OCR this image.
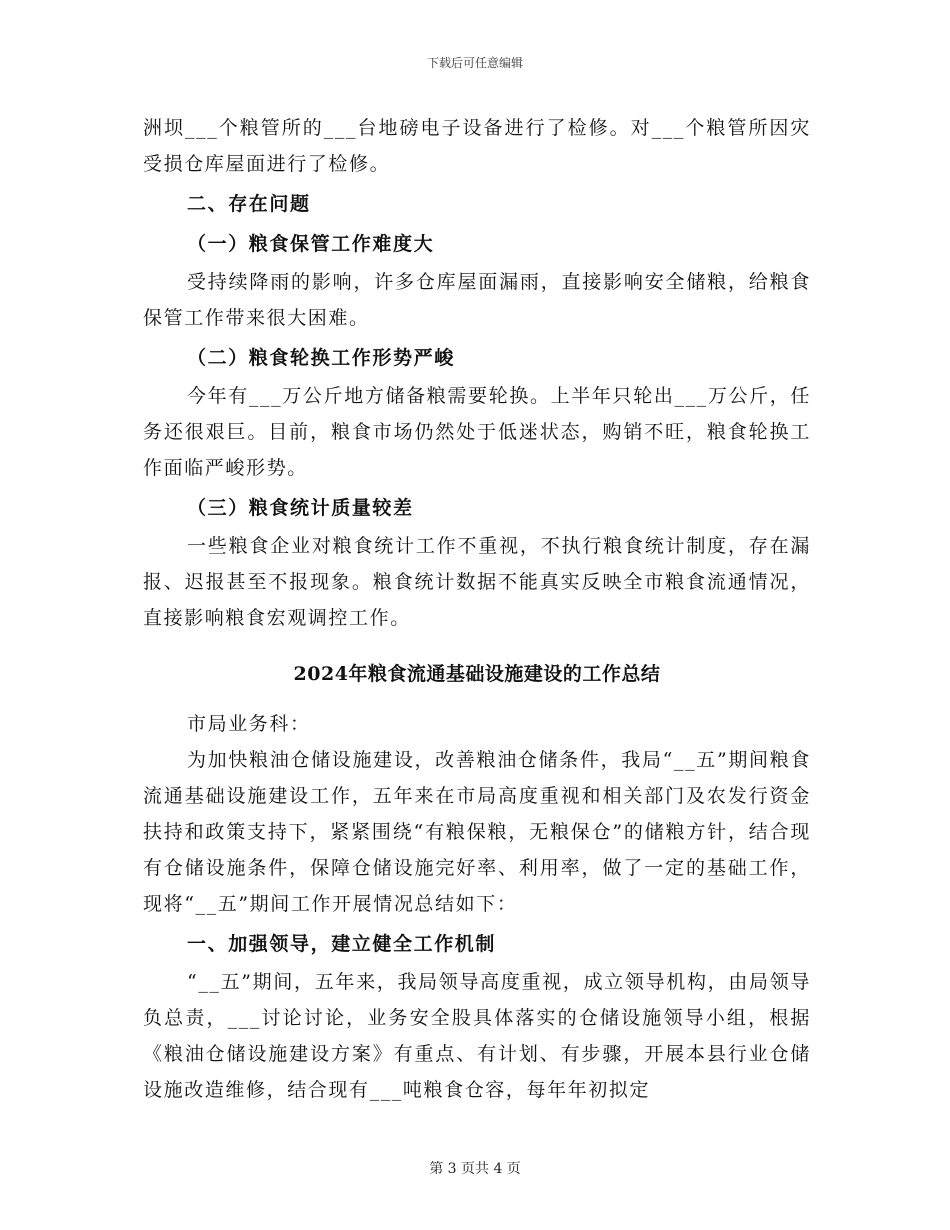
下载后可任意编辑

洲坝___个粮管所的___台地磅电子设备进行了检修。对___个粮管所因灾受损仓库屋面进行了检修。

二、存在问题
（一）粮食保管工作难度大

受持续降雨的影响，许多仓库屋面漏雨，直接影响安全储粮，给粮食保管工作带来很大困难。

（二）粮食轮换工作形势严峻

今年有___万公斤地方储备粮需要轮换。上半年只轮出___万公斤，任务还很艰巨。目前，粮食市场仍然处于低迷状态，购销不旺，粮食轮换工作面临严峻形势。

（三）粮食统计质量较差

一些粮食企业对粮食统计工作不重视，不执行粮食统计制度，存在漏报、迟报甚至不报现象。粮食统计数据不能真实反映全市粮食流通情况，直接影响粮食宏观调控工作。

2024年粮食流通基础设施建设的工作总结

市局业务科：

为加快粮油仓储设施建设，改善粮油仓储条件，我局“__五”期间粮食流通基础设施建设工作，五年来在市局高度重视和相关部门及农发行资金扶持和政策支持下，紧紧围绕“有粮保粮，无粮保仓”的储粮方针，结合现有仓储设施条件，保障仓储设施完好率、利用率，做了一定的基础工作，现将“__五”期间工作开展情况总结如下：

一、加强领导，建立健全工作机制

“__五”期间，五年来，我局领导高度重视，成立领导机构，由局领导负总责，___讨论讨论，业务安全股具体落实的仓储设施领导小组，根据《粮油仓储设施建设方案》有重点、有计划、有步骤，开展本县行业仓储设施改造维修，结合现有___吨粮食仓容，每年年初拟定

第 3 页共 4 页
